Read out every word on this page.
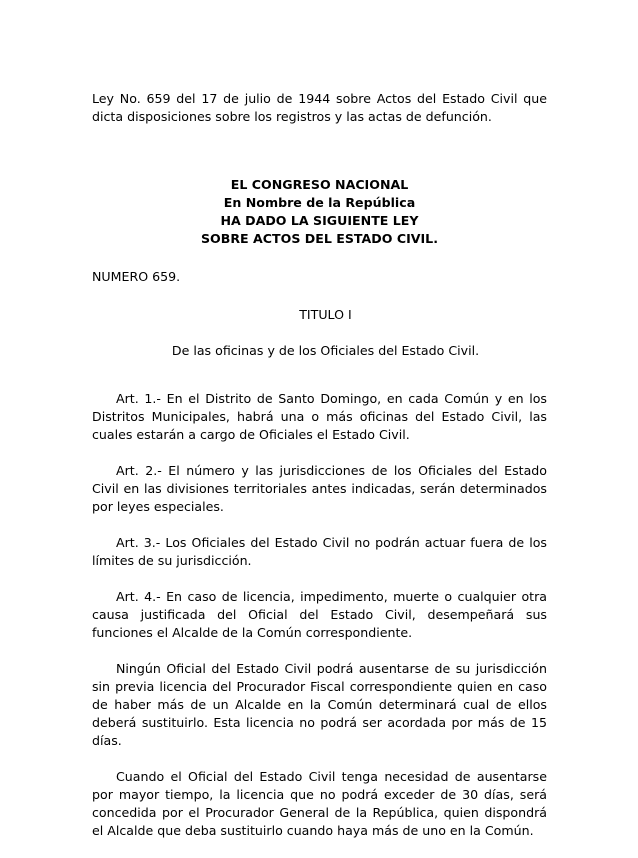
Ley No. 659 del 17 de julio de 1944 sobre Actos del Estado Civil que dicta disposiciones sobre los registros y las actas de defunción.

EL CONGRESO NACIONAL
En Nombre de la República
HA DADO LA SIGUIENTE LEY
SOBRE ACTOS DEL ESTADO CIVIL.

NUMERO 659.

TITULO I

De las oficinas y de los Oficiales del Estado Civil.

Art. 1.- En el Distrito de Santo Domingo, en cada Común y en los Distritos Municipales, habrá una o más oficinas del Estado Civil, las cuales estarán a cargo de Oficiales el Estado Civil.

Art. 2.- El número y las jurisdicciones de los Oficiales del Estado Civil en las divisiones territoriales antes indicadas, serán determinados por leyes especiales.

Art. 3.- Los Oficiales del Estado Civil no podrán actuar fuera de los límites de su jurisdicción.

Art. 4.- En caso de licencia, impedimento, muerte o cualquier otra causa justificada del Oficial del Estado Civil, desempeñará sus funciones el Alcalde de la Común correspondiente.

Ningún Oficial del Estado Civil podrá ausentarse de su jurisdicción sin previa licencia del Procurador Fiscal correspondiente quien en caso de haber más de un Alcalde en la Común determinará cual de ellos deberá sustituirlo. Esta licencia no podrá ser acordada por más de 15 días.

Cuando el Oficial del Estado Civil tenga necesidad de ausentarse por mayor tiempo, la licencia que no podrá exceder de 30 días, será concedida por el Procurador General de la República, quien dispondrá el Alcalde que deba sustituirlo cuando haya más de uno en la Común.
